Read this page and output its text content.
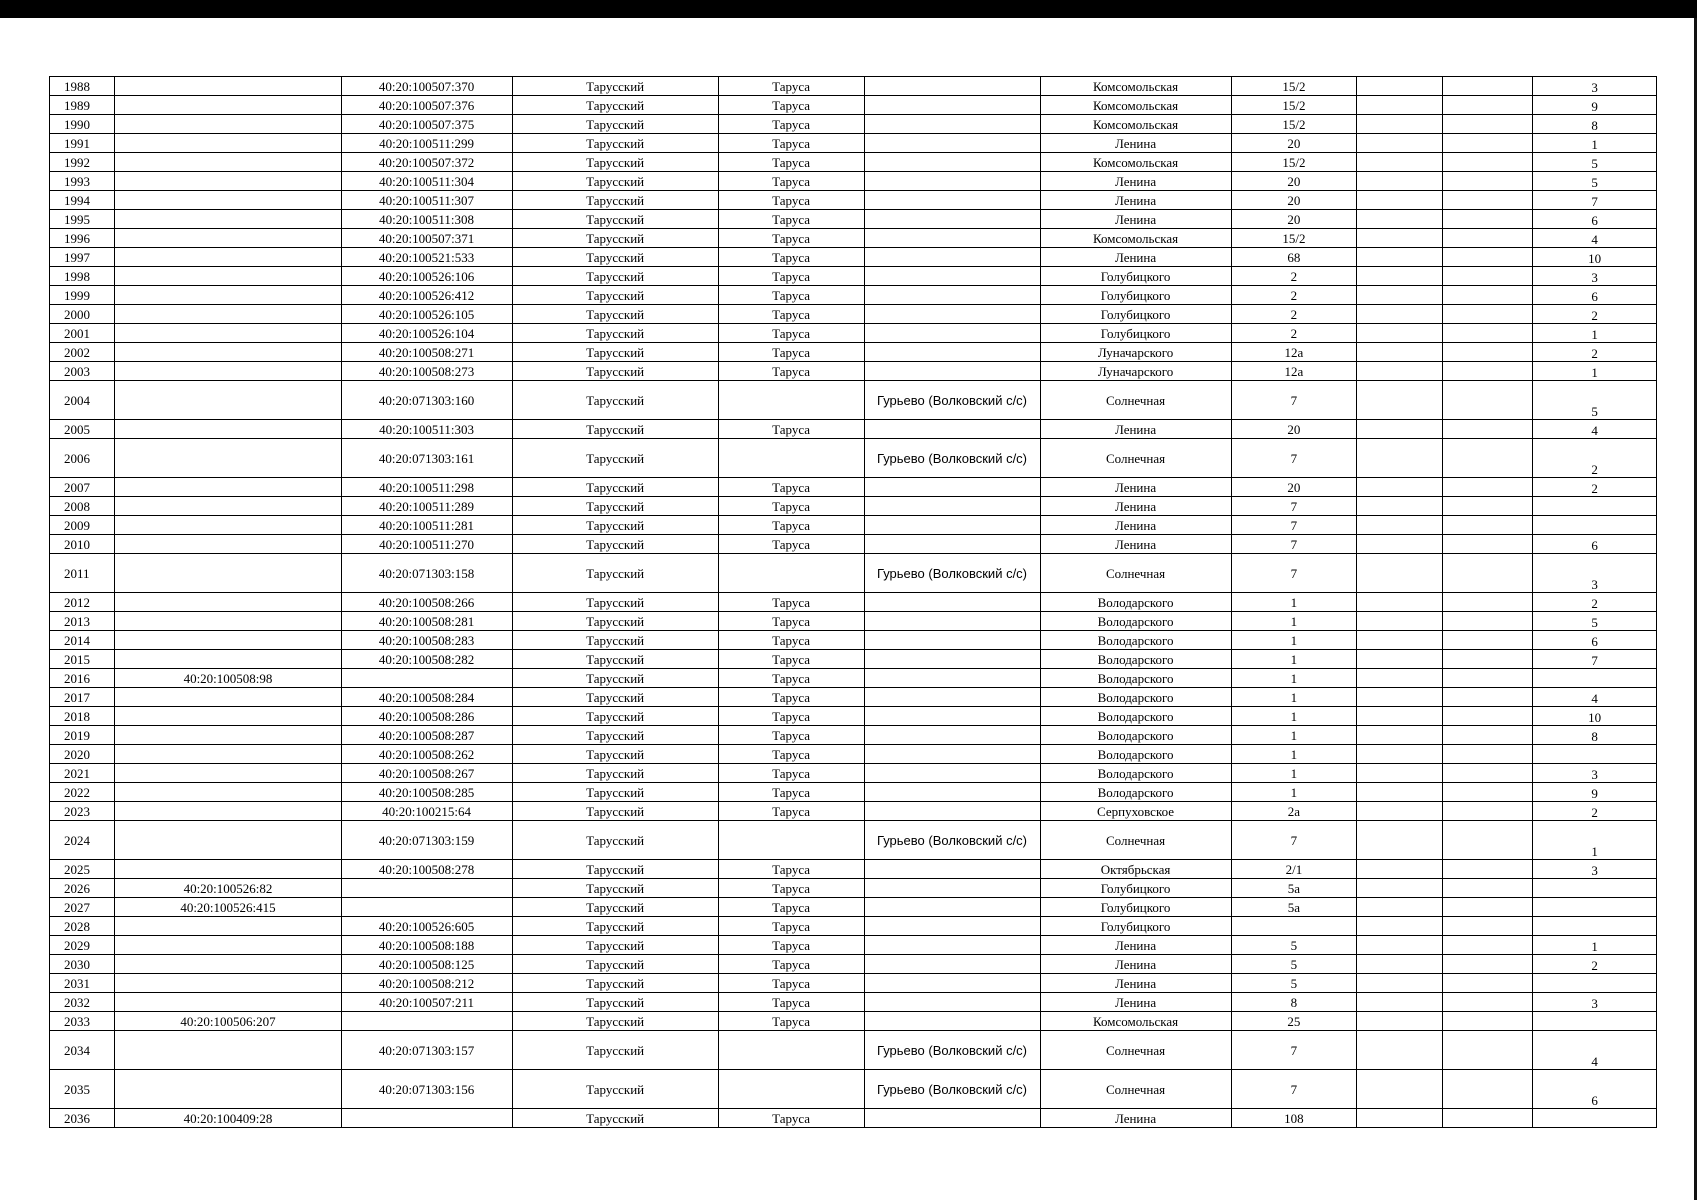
1988		40:20:100507:370	Тарусский	Таруса		Комсомольская	15/2			3
1989		40:20:100507:376	Тарусский	Таруса		Комсомольская	15/2			9
1990		40:20:100507:375	Тарусский	Таруса		Комсомольская	15/2			8
1991		40:20:100511:299	Тарусский	Таруса		Ленина	20			1
1992		40:20:100507:372	Тарусский	Таруса		Комсомольская	15/2			5
1993		40:20:100511:304	Тарусский	Таруса		Ленина	20			5
1994		40:20:100511:307	Тарусский	Таруса		Ленина	20			7
1995		40:20:100511:308	Тарусский	Таруса		Ленина	20			6
1996		40:20:100507:371	Тарусский	Таруса		Комсомольская	15/2			4
1997		40:20:100521:533	Тарусский	Таруса		Ленина	68			10
1998		40:20:100526:106	Тарусский	Таруса		Голубицкого	2			3
1999		40:20:100526:412	Тарусский	Таруса		Голубицкого	2			6
2000		40:20:100526:105	Тарусский	Таруса		Голубицкого	2			2
2001		40:20:100526:104	Тарусский	Таруса		Голубицкого	2			1
2002		40:20:100508:271	Тарусский	Таруса		Луначарского	12а			2
2003		40:20:100508:273	Тарусский	Таруса		Луначарского	12а			1
2004		40:20:071303:160	Тарусский		Гурьево (Волковский с/с)	Солнечная	7			5
2005		40:20:100511:303	Тарусский	Таруса		Ленина	20			4
2006		40:20:071303:161	Тарусский		Гурьево (Волковский с/с)	Солнечная	7			2
2007		40:20:100511:298	Тарусский	Таруса		Ленина	20			2
2008		40:20:100511:289	Тарусский	Таруса		Ленина	7			
2009		40:20:100511:281	Тарусский	Таруса		Ленина	7			
2010		40:20:100511:270	Тарусский	Таруса		Ленина	7			6
2011		40:20:071303:158	Тарусский		Гурьево (Волковский с/с)	Солнечная	7			3
2012		40:20:100508:266	Тарусский	Таруса		Володарского	1			2
2013		40:20:100508:281	Тарусский	Таруса		Володарского	1			5
2014		40:20:100508:283	Тарусский	Таруса		Володарского	1			6
2015		40:20:100508:282	Тарусский	Таруса		Володарского	1			7
2016	40:20:100508:98		Тарусский	Таруса		Володарского	1			
2017		40:20:100508:284	Тарусский	Таруса		Володарского	1			4
2018		40:20:100508:286	Тарусский	Таруса		Володарского	1			10
2019		40:20:100508:287	Тарусский	Таруса		Володарского	1			8
2020		40:20:100508:262	Тарусский	Таруса		Володарского	1			
2021		40:20:100508:267	Тарусский	Таруса		Володарского	1			3
2022		40:20:100508:285	Тарусский	Таруса		Володарского	1			9
2023		40:20:100215:64	Тарусский	Таруса		Серпуховское	2а			2
2024		40:20:071303:159	Тарусский		Гурьево (Волковский с/с)	Солнечная	7			1
2025		40:20:100508:278	Тарусский	Таруса		Октябрьская	2/1			3
2026	40:20:100526:82		Тарусский	Таруса		Голубицкого	5а			
2027	40:20:100526:415		Тарусский	Таруса		Голубицкого	5а			
2028		40:20:100526:605	Тарусский	Таруса		Голубицкого				
2029		40:20:100508:188	Тарусский	Таруса		Ленина	5			1
2030		40:20:100508:125	Тарусский	Таруса		Ленина	5			2
2031		40:20:100508:212	Тарусский	Таруса		Ленина	5			
2032		40:20:100507:211	Тарусский	Таруса		Ленина	8			3
2033	40:20:100506:207		Тарусский	Таруса		Комсомольская	25			
2034		40:20:071303:157	Тарусский		Гурьево (Волковский с/с)	Солнечная	7			4
2035		40:20:071303:156	Тарусский		Гурьево (Волковский с/с)	Солнечная	7			6
2036	40:20:100409:28		Тарусский	Таруса		Ленина	108			
